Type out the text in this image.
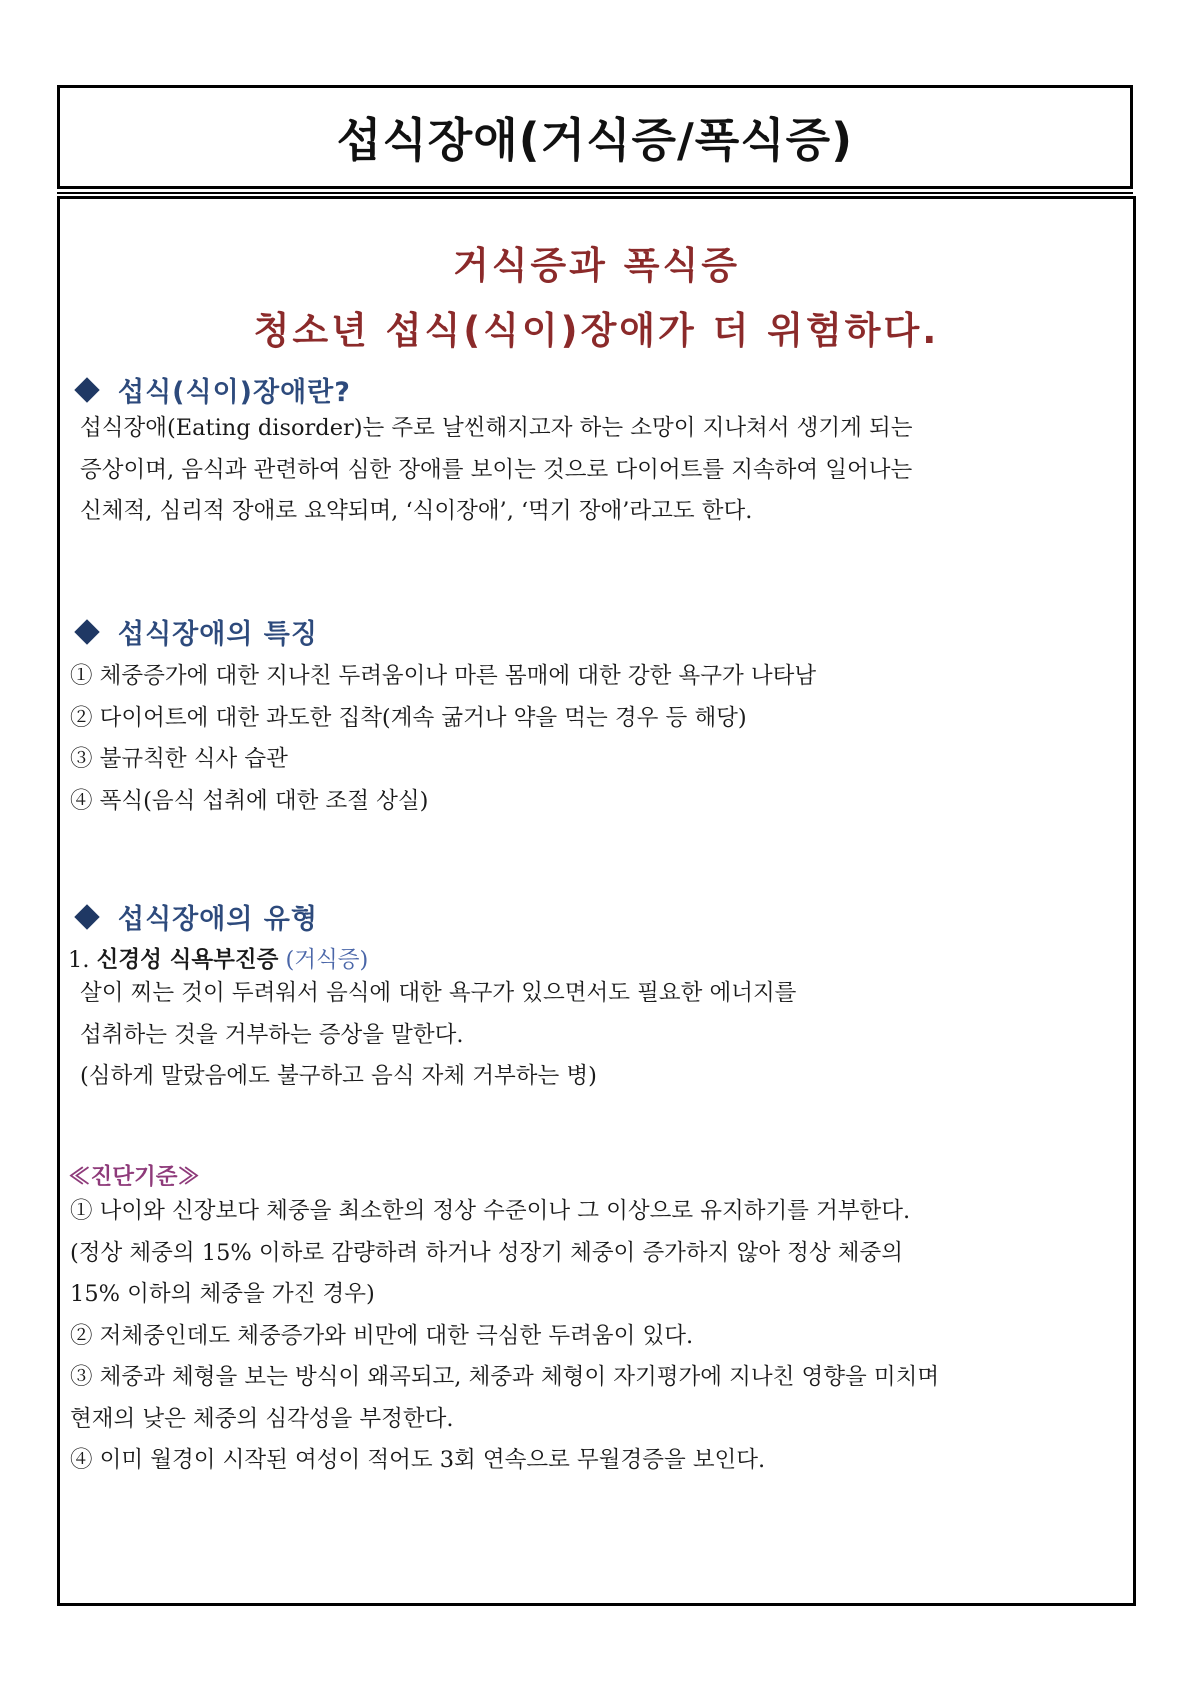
섭식장애(거식증/폭식증)
거식증과 폭식증
청소년 섭식(식이)장애가 더 위험하다.
섭식(식이)장애란?
섭식장애(Eating disorder)는 주로 날씬해지고자 하는 소망이 지나쳐서 생기게 되는
증상이며, 음식과 관련하여 심한 장애를 보이는 것으로 다이어트를 지속하여 일어나는
신체적, 심리적 장애로 요약되며, ‘식이장애’, ‘먹기 장애’라고도 한다.
섭식장애의 특징
① 체중증가에 대한 지나친 두려움이나 마른 몸매에 대한 강한 욕구가 나타남
② 다이어트에 대한 과도한 집착(계속 굶거나 약을 먹는 경우 등 해당)
③ 불규칙한 식사 습관
④ 폭식(음식 섭취에 대한 조절 상실)
섭식장애의 유형
1. 신경성 식욕부진증 (거식증)
살이 찌는 것이 두려워서 음식에 대한 욕구가 있으면서도 필요한 에너지를
섭취하는 것을 거부하는 증상을 말한다.
(심하게 말랐음에도 불구하고 음식 자체 거부하는 병)
≪진단기준≫
① 나이와 신장보다 체중을 최소한의 정상 수준이나 그 이상으로 유지하기를 거부한다.
(정상 체중의 15% 이하로 감량하려 하거나 성장기 체중이 증가하지 않아 정상 체중의
15% 이하의 체중을 가진 경우)
② 저체중인데도 체중증가와 비만에 대한 극심한 두려움이 있다.
③ 체중과 체형을 보는 방식이 왜곡되고, 체중과 체형이 자기평가에 지나친 영향을 미치며
현재의 낮은 체중의 심각성을 부정한다.
④ 이미 월경이 시작된 여성이 적어도 3회 연속으로 무월경증을 보인다.
